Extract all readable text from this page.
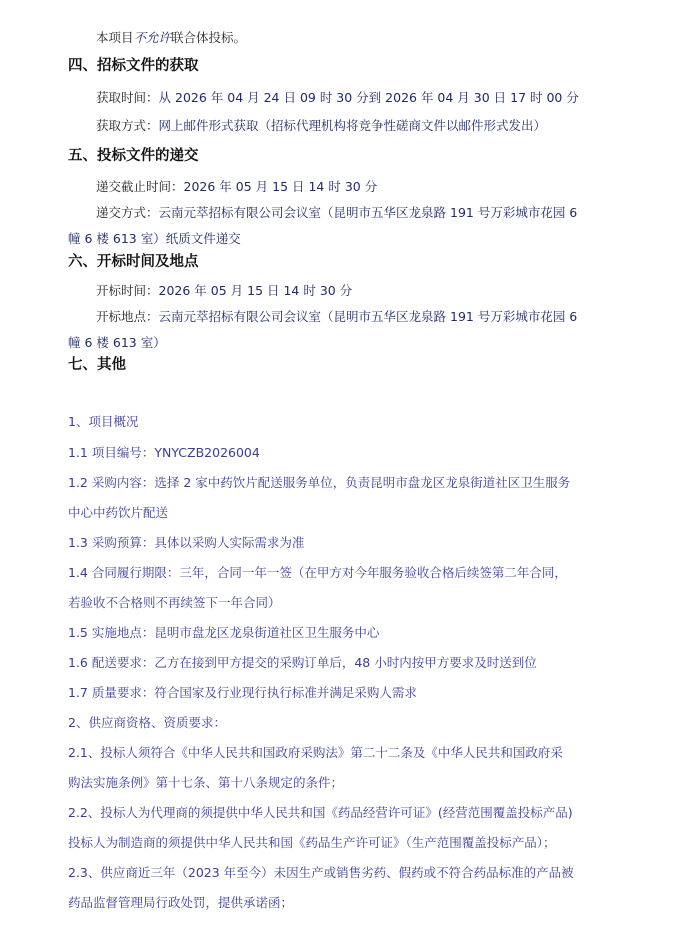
本项目不允许联合体投标。
四、招标文件的获取
获取时间：从 2026 年 04 月 24 日 09 时 30 分到 2026 年 04 月 30 日 17 时 00 分
获取方式：网上邮件形式获取（招标代理机构将竞争性磋商文件以邮件形式发出）
五、投标文件的递交
递交截止时间：2026 年 05 月 15 日 14 时 30 分
递交方式：云南元萃招标有限公司会议室（昆明市五华区龙泉路 191 号万彩城市花园 6
幢 6 楼 613 室）纸质文件递交
六、开标时间及地点
开标时间：2026 年 05 月 15 日 14 时 30 分
开标地点：云南元萃招标有限公司会议室（昆明市五华区龙泉路 191 号万彩城市花园 6
幢 6 楼 613 室）
七、其他
1、项目概况
1.1 项目编号：YNYCZB2026004
1.2 采购内容：选择 2 家中药饮片配送服务单位，负责昆明市盘龙区龙泉街道社区卫生服务
中心中药饮片配送
1.3 采购预算：具体以采购人实际需求为准
1.4 合同履行期限：三年，合同一年一签（在甲方对今年服务验收合格后续签第二年合同，
若验收不合格则不再续签下一年合同）
1.5 实施地点：昆明市盘龙区龙泉街道社区卫生服务中心
1.6 配送要求：乙方在接到甲方提交的采购订单后，48 小时内按甲方要求及时送到位
1.7 质量要求：符合国家及行业现行执行标准并满足采购人需求
2、供应商资格、资质要求：
2.1、投标人须符合《中华人民共和国政府采购法》第二十二条及《中华人民共和国政府采
购法实施条例》第十七条、第十八条规定的条件；
2.2、投标人为代理商的须提供中华人民共和国《药品经营许可证》(经营范围覆盖投标产品)
投标人为制造商的须提供中华人民共和国《药品生产许可证》（生产范围覆盖投标产品）；
2.3、供应商近三年（2023 年至今）未因生产或销售劣药、假药或不符合药品标准的产品被
药品监督管理局行政处罚，提供承诺函；
